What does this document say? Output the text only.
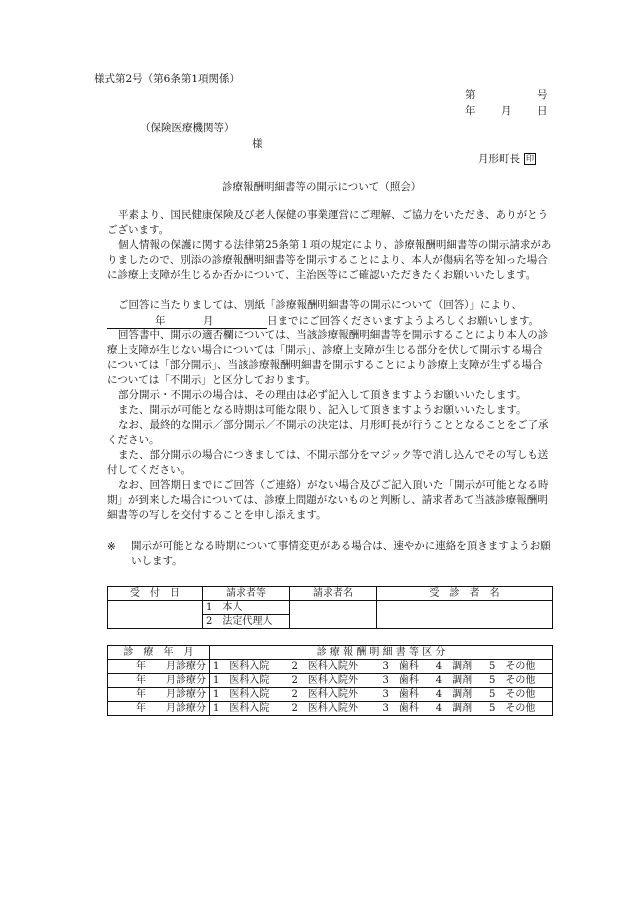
様式第2号（第6条第1項関係）
第	号
年 月 日
（保険医療機関等）
様
月形町長 印
診療報酬明細書等の開示について（照会）

平素より、国民健康保険及び老人保健の事業運営にご理解、ご協力をいただき、ありがとうございます。

個人情報の保護に関する法律第25条第１項の規定により、診療報酬明細書等の開示請求がありましたので、別添の診療報酬明細書等を開示することにより、本人が傷病名等を知った場合に診療上支障が生じるか否かについて、主治医等にご確認いただきたくお願いいたします。

ご回答に当たりましては、別紙「診療報酬明細書等の開示について（回答）」により、

年	月	日までにご回答くださいますようよろしくお願いします。

回答書中、開示の適否欄については、当該診療報酬明細書等を開示することにより本人の診療上支障が生じない場合については「開示」、診療上支障が生じる部分を伏して開示する場合については「部分開示」、当該診療報酬明細書を開示することにより診療上支障が生ずる場合については「不開示」と区分しております。

部分開示・不開示の場合は、その理由は必ず記入して頂きますようお願いいたします。

また、開示が可能となる時期は可能な限り、記入して頂きますようお願いいたします。

なお、最終的な開示／部分開示／不開示の決定は、月形町長が行うこととなることをご了承ください。

また、部分開示の場合につきましては、不開示部分をマジック等で消し込んでその写しも送付してください。

なお、回答期日までにご回答（ご連絡）がない場合及びご記入頂いた「開示が可能となる時期」が到来した場合については、診療上問題がないものと判断し、請求者あて当該診療報酬明細書等の写しを交付することを申し添えます。

※ 開示が可能となる時期について事情変更がある場合は、速やかに連絡を頂きますようお願いします。
受　付　日	請求者等	請求者名	受　診　者　名
	1　本人		
	2　法定代理人		
診　療　年　月	診 療 報 酬 明 細 書 等 区 分				
年　　月診療分	1　医科入院	2　医科入院外	3　歯科	4　調剤	5　その他
年　　月診療分	1　医科入院	2　医科入院外	3　歯科	4　調剤	5　その他
年　　月診療分	1　医科入院	2　医科入院外	3　歯科	4　調剤	5　その他
年　　月診療分	1　医科入院	2　医科入院外	3　歯科	4　調剤	5　その他
